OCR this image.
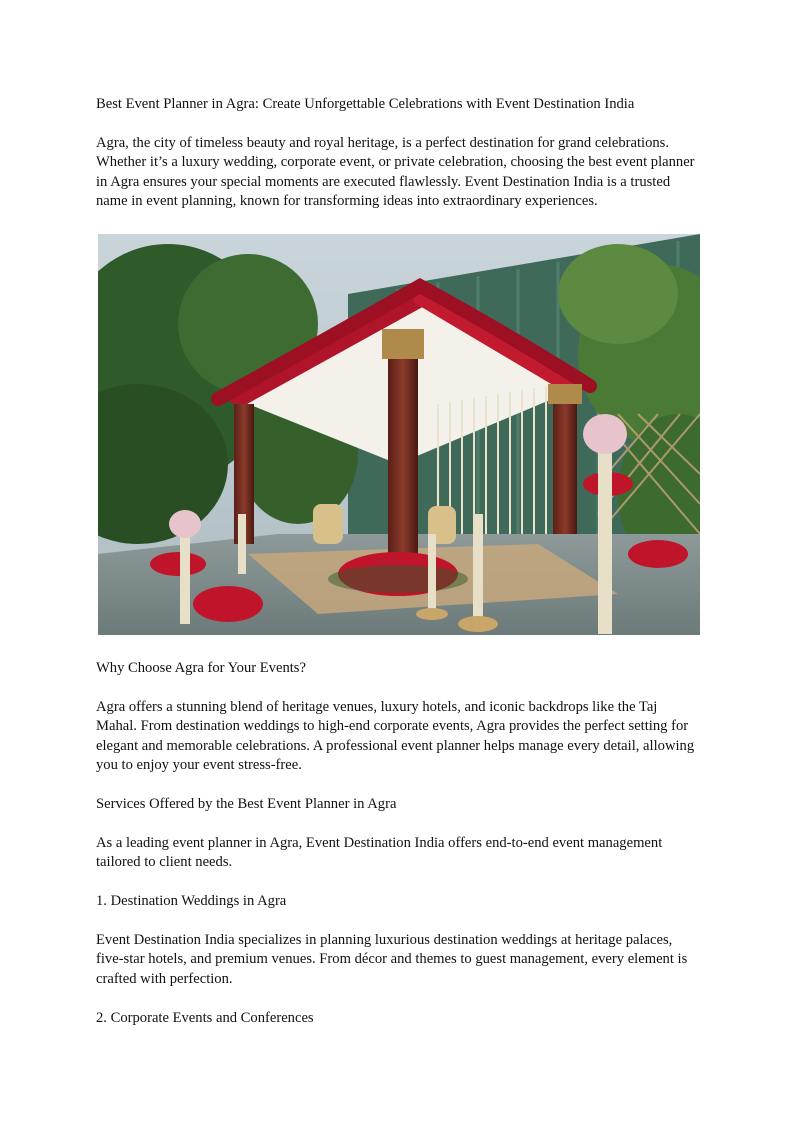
Best Event Planner in Agra: Create Unforgettable Celebrations with Event Destination India

Agra, the city of timeless beauty and royal heritage, is a perfect destination for grand celebrations. Whether it’s a luxury wedding, corporate event, or private celebration, choosing the best event planner in Agra ensures your special moments are executed flawlessly. Event Destination India is a trusted name in event planning, known for transforming ideas into extraordinary experiences.

Why Choose Agra for Your Events?

Agra offers a stunning blend of heritage venues, luxury hotels, and iconic backdrops like the Taj Mahal. From destination weddings to high-end corporate events, Agra provides the perfect setting for elegant and memorable celebrations. A professional event planner helps manage every detail, allowing you to enjoy your event stress-free.

Services Offered by the Best Event Planner in Agra

As a leading event planner in Agra, Event Destination India offers end-to-end event management tailored to client needs.

1. Destination Weddings in Agra

Event Destination India specializes in planning luxurious destination weddings at heritage palaces, five-star hotels, and premium venues. From décor and themes to guest management, every element is crafted with perfection.

2. Corporate Events and Conferences
